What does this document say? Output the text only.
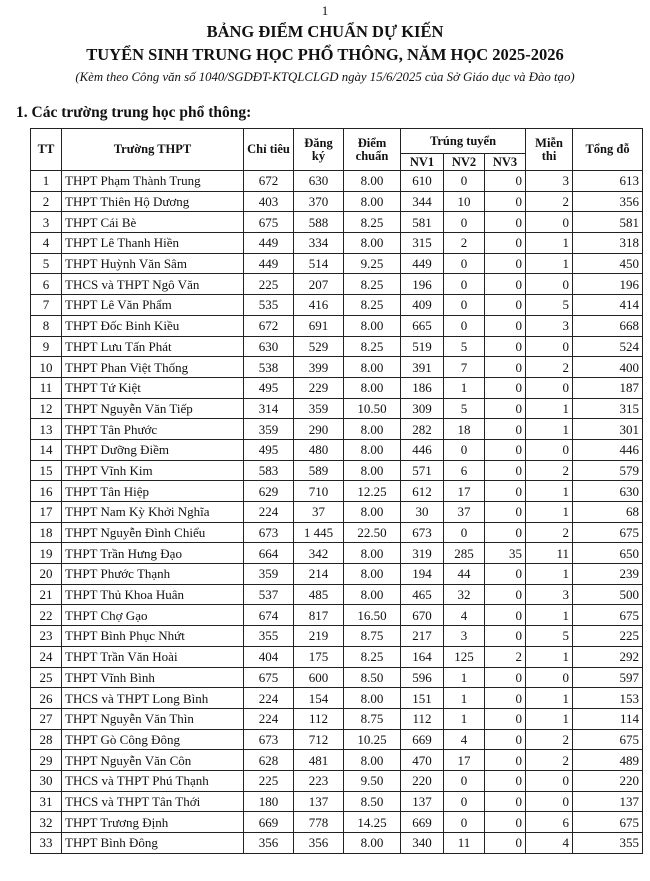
1
BẢNG ĐIỂM CHUẨN DỰ KIẾN
TUYỂN SINH TRUNG HỌC PHỔ THÔNG, NĂM HỌC 2025-2026
(Kèm theo Công văn số 1040/SGDĐT-KTQLCLGD ngày 15/6/2025 của Sở Giáo dục và Đào tạo)
1. Các trường trung học phổ thông:
TT	Trường THPT	Chỉ tiêu	Đăng ký	Điểm chuẩn	Trúng tuyển			Miễn thi	Tổng đỗ
					NV1	NV2	NV3		
1	THPT Phạm Thành Trung	672	630	8.00	610	0	0	3	613
2	THPT Thiên Hộ Dương	403	370	8.00	344	10	0	2	356
3	THPT Cái Bè	675	588	8.25	581	0	0	0	581
4	THPT Lê Thanh Hiền	449	334	8.00	315	2	0	1	318
5	THPT Huỳnh Văn Sâm	449	514	9.25	449	0	0	1	450
6	THCS và THPT Ngô Văn	225	207	8.25	196	0	0	0	196
7	THPT Lê Văn Phẩm	535	416	8.25	409	0	0	5	414
8	THPT Đốc Binh Kiều	672	691	8.00	665	0	0	3	668
9	THPT Lưu Tấn Phát	630	529	8.25	519	5	0	0	524
10	THPT Phan Việt Thống	538	399	8.00	391	7	0	2	400
11	THPT Tứ Kiệt	495	229	8.00	186	1	0	0	187
12	THPT Nguyễn Văn Tiếp	314	359	10.50	309	5	0	1	315
13	THPT Tân Phước	359	290	8.00	282	18	0	1	301
14	THPT Dưỡng Điềm	495	480	8.00	446	0	0	0	446
15	THPT Vĩnh Kim	583	589	8.00	571	6	0	2	579
16	THPT Tân Hiệp	629	710	12.25	612	17	0	1	630
17	THPT Nam Kỳ Khởi Nghĩa	224	37	8.00	30	37	0	1	68
18	THPT Nguyễn Đình Chiểu	673	1 445	22.50	673	0	0	2	675
19	THPT Trần Hưng Đạo	664	342	8.00	319	285	35	11	650
20	THPT Phước Thạnh	359	214	8.00	194	44	0	1	239
21	THPT Thủ Khoa Huân	537	485	8.00	465	32	0	3	500
22	THPT Chợ Gạo	674	817	16.50	670	4	0	1	675
23	THPT Bình Phục Nhứt	355	219	8.75	217	3	0	5	225
24	THPT Trần Văn Hoài	404	175	8.25	164	125	2	1	292
25	THPT Vĩnh Bình	675	600	8.50	596	1	0	0	597
26	THCS và THPT Long Bình	224	154	8.00	151	1	0	1	153
27	THPT Nguyễn Văn Thìn	224	112	8.75	112	1	0	1	114
28	THPT Gò Công Đông	673	712	10.25	669	4	0	2	675
29	THPT Nguyễn Văn Côn	628	481	8.00	470	17	0	2	489
30	THCS và THPT Phú Thạnh	225	223	9.50	220	0	0	0	220
31	THCS và THPT Tân Thới	180	137	8.50	137	0	0	0	137
32	THPT Trương Định	669	778	14.25	669	0	0	6	675
33	THPT Bình Đông	356	356	8.00	340	11	0	4	355
